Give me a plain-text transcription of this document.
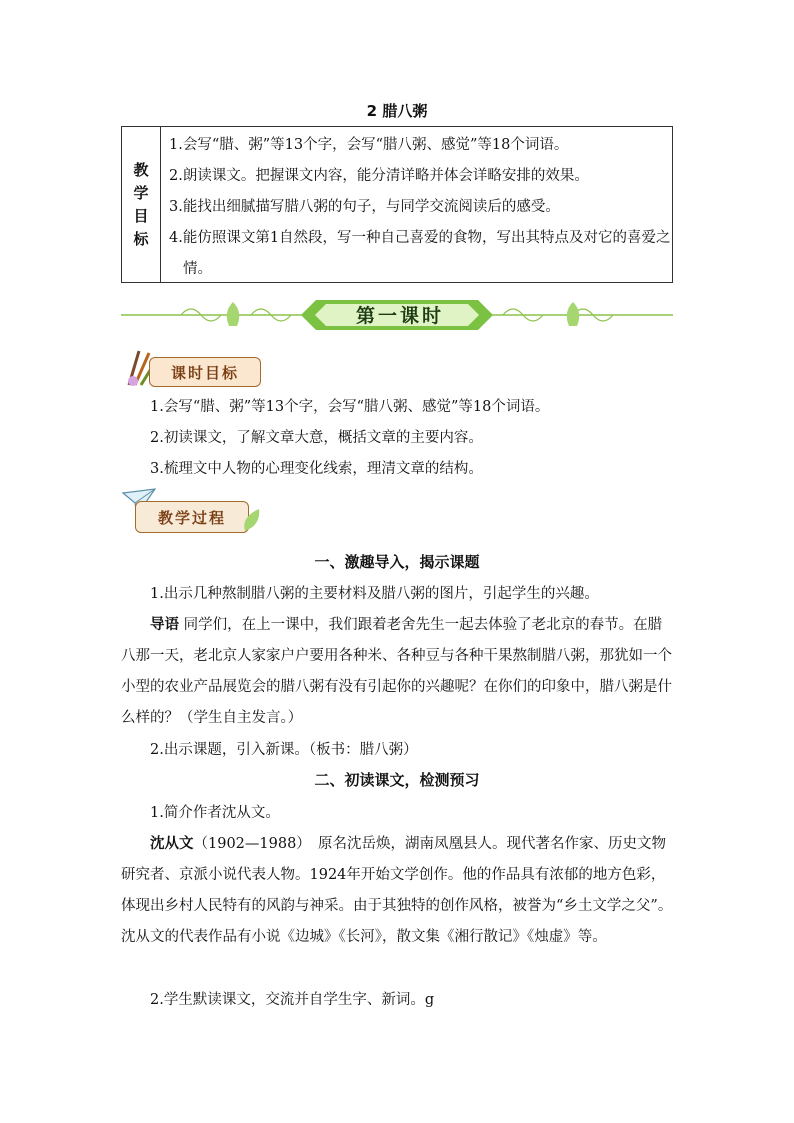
2 腊八粥
教
学
目
标

1.会写“腊、粥”等13个字，会写“腊八粥、感觉”等18个词语。

2.朗读课文。把握课文内容，能分清详略并体会详略安排的效果。

3.能找出细腻描写腊八粥的句子，与同学交流阅读后的感受。

4.能仿照课文第1自然段，写一种自己喜爱的食物，写出其特点及对它的喜爱之情。

第一课时
课时目标

1.会写“腊、粥”等13个字，会写“腊八粥、感觉”等18个词语。

2.初读课文，了解文章大意，概括文章的主要内容。

3.梳理文中人物的心理变化线索，理清文章的结构。

教学过程

一、激趣导入，揭示课题

1.出示几种熬制腊八粥的主要材料及腊八粥的图片，引起学生的兴趣。

导语 同学们，在上一课中，我们跟着老舍先生一起去体验了老北京的春节。在腊八那一天，老北京人家家户户要用各种米、各种豆与各种干果熬制腊八粥，那犹如一个小型的农业产品展览会的腊八粥有没有引起你的兴趣呢？在你们的印象中，腊八粥是什么样的？（学生自主发言。）

2.出示课题，引入新课。（板书：腊八粥）

二、初读课文，检测预习

1.简介作者沈从文。

沈从文（1902—1988）　原名沈岳焕，湖南凤凰县人。现代著名作家、历史文物研究者、京派小说代表人物。1924年开始文学创作。他的作品具有浓郁的地方色彩，体现出乡村人民特有的风韵与神采。由于其独特的创作风格，被誉为“乡土文学之父”。沈从文的代表作品有小说《边城》《长河》，散文集《湘行散记》《烛虚》等。

2.学生默读课文，交流并自学生字、新词。g
